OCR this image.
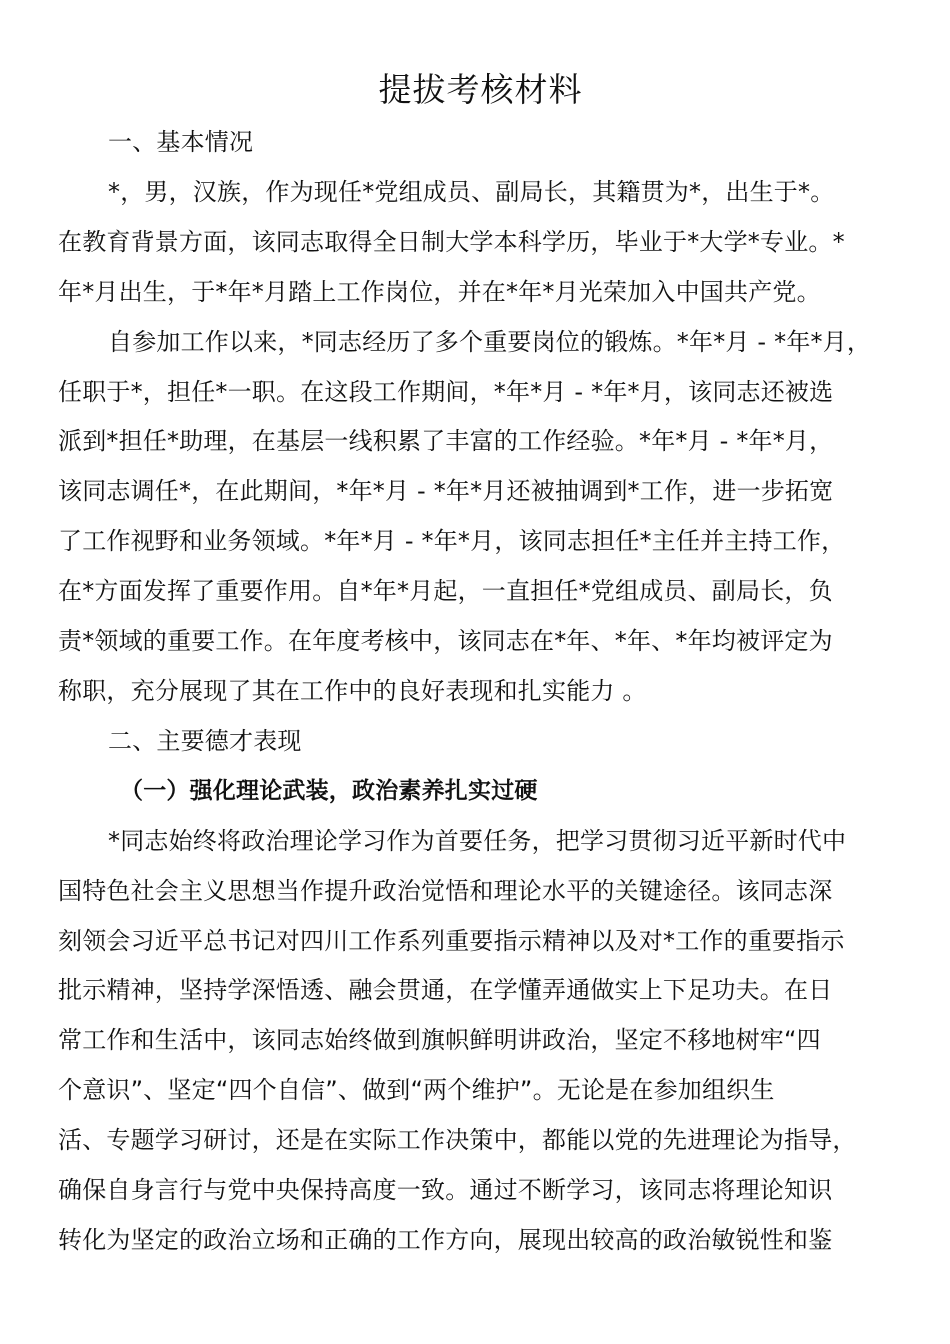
提拔考核材料
一、基本情况
*，男，汉族，作为现任*党组成员、副局长，其籍贯为*，出生于*。
在教育背景方面，该同志取得全日制大学本科学历，毕业于*大学*专业。*
年*月出生，于*年*月踏上工作岗位，并在*年*月光荣加入中国共产党。
自参加工作以来，*同志经历了多个重要岗位的锻炼。*年*月 - *年*月，
任职于*，担任*一职。在这段工作期间，*年*月 - *年*月，该同志还被选
派到*担任*助理，在基层一线积累了丰富的工作经验。*年*月 - *年*月，
该同志调任*，在此期间，*年*月 - *年*月还被抽调到*工作，进一步拓宽
了工作视野和业务领域。*年*月 - *年*月，该同志担任*主任并主持工作，
在*方面发挥了重要作用。自*年*月起，一直担任*党组成员、副局长，负
责*领域的重要工作。在年度考核中，该同志在*年、*年、*年均被评定为
称职，充分展现了其在工作中的良好表现和扎实能力 。
二、主要德才表现
（一）强化理论武装，政治素养扎实过硬
*同志始终将政治理论学习作为首要任务，把学习贯彻习近平新时代中
国特色社会主义思想当作提升政治觉悟和理论水平的关键途径。该同志深
刻领会习近平总书记对四川工作系列重要指示精神以及对*工作的重要指示
批示精神，坚持学深悟透、融会贯通，在学懂弄通做实上下足功夫。在日
常工作和生活中，该同志始终做到旗帜鲜明讲政治，坚定不移地树牢“四
个意识”、坚定“四个自信”、做到“两个维护”。无论是在参加组织生
活、专题学习研讨，还是在实际工作决策中，都能以党的先进理论为指导，
确保自身言行与党中央保持高度一致。通过不断学习，该同志将理论知识
转化为坚定的政治立场和正确的工作方向，展现出较高的政治敏锐性和鉴
